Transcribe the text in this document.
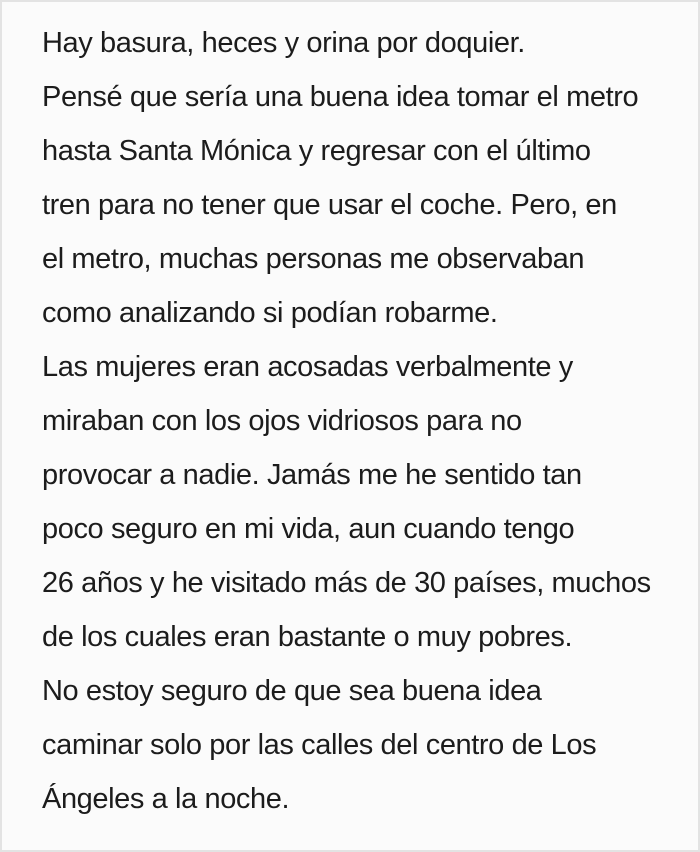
Hay basura, heces y orina por doquier.
Pensé que sería una buena idea tomar el metro
hasta Santa Mónica y regresar con el último
tren para no tener que usar el coche. Pero, en
el metro, muchas personas me observaban
como analizando si podían robarme.
Las mujeres eran acosadas verbalmente y
miraban con los ojos vidriosos para no
provocar a nadie. Jamás me he sentido tan
poco seguro en mi vida, aun cuando tengo
26 años y he visitado más de 30 países, muchos
de los cuales eran bastante o muy pobres.
No estoy seguro de que sea buena idea
caminar solo por las calles del centro de Los
Ángeles a la noche.
